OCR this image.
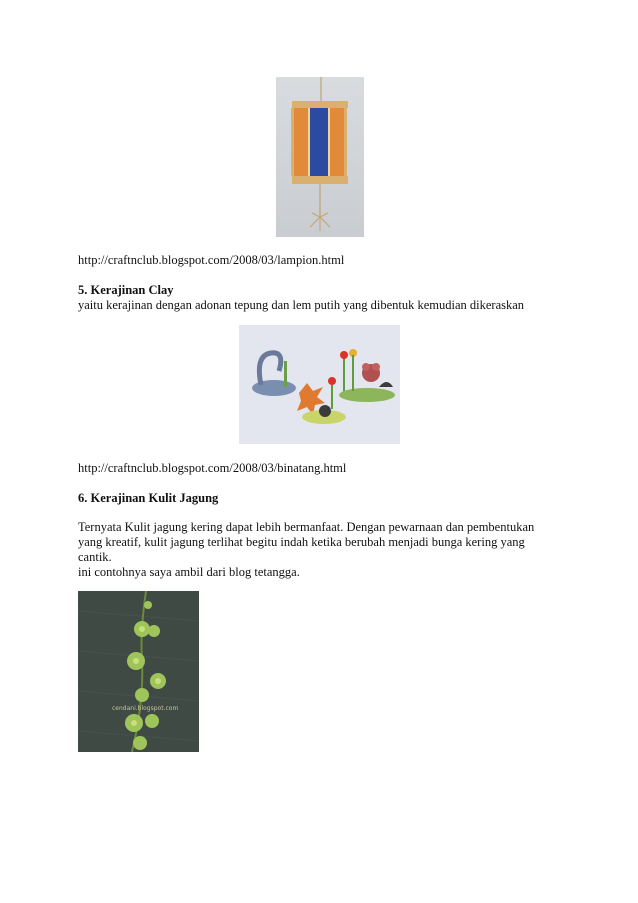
http://craftnclub.blogspot.com/2008/03/lampion.html
5. Kerajinan Clay
yaitu kerajinan dengan adonan tepung dan lem putih yang dibentuk kemudian dikeraskan
http://craftnclub.blogspot.com/2008/03/binatang.html
6. Kerajinan Kulit Jagung
Ternyata Kulit jagung kering dapat lebih bermanfaat. Dengan pewarnaan dan pembentukan
yang kreatif, kulit jagung terlihat begitu indah ketika berubah menjadi bunga kering yang
cantik.
ini contohnya saya ambil dari blog tetangga.
cendani.blogspot.com
